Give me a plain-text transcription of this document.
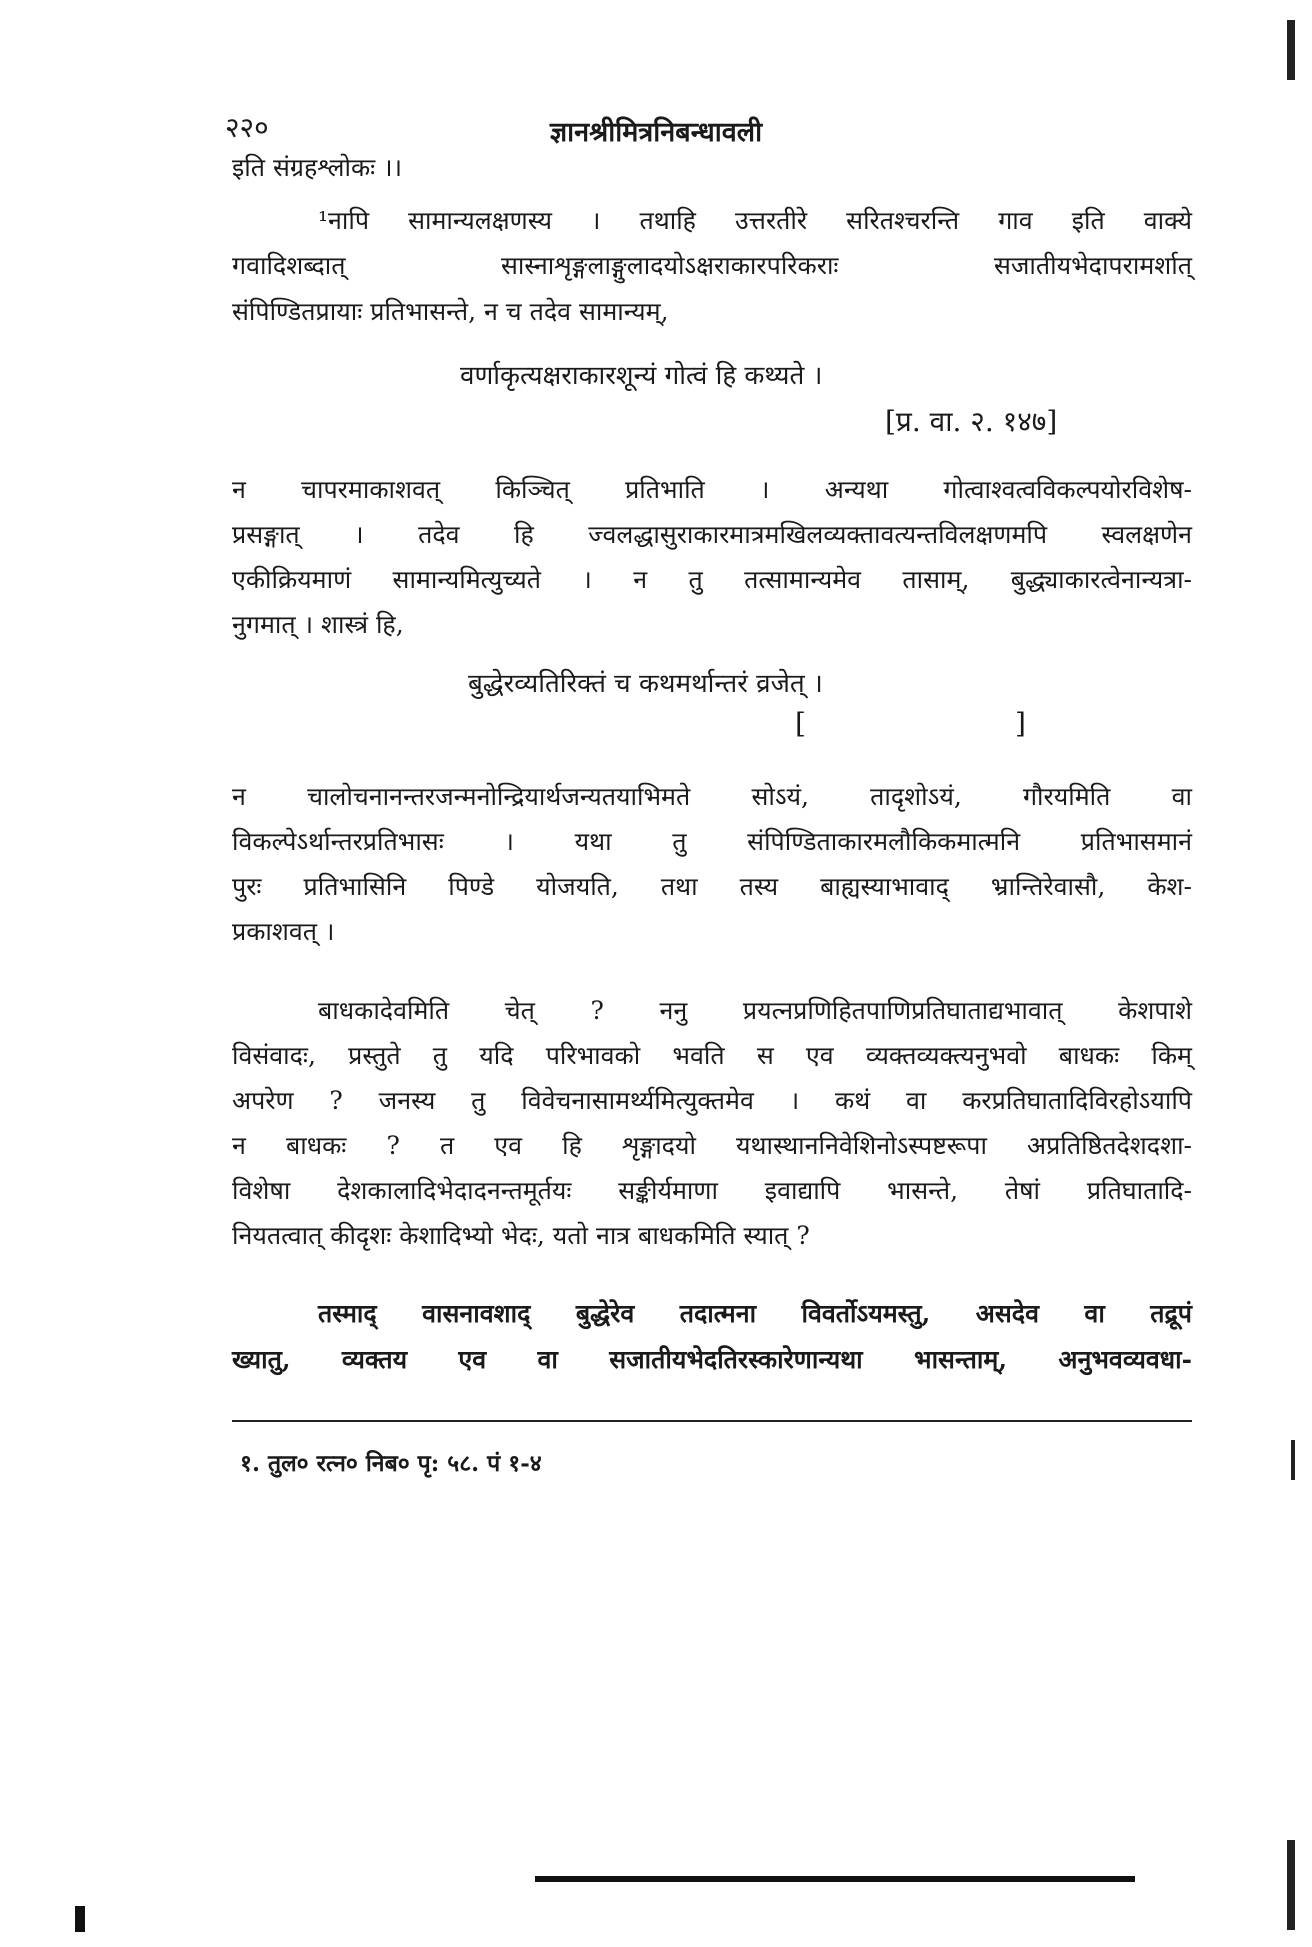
२२०	ज्ञानश्रीमित्रनिबन्धावली
इति संग्रहश्लोकः ।।
¹नापि सामान्यलक्षणस्य । तथाहि उत्तरतीरे सरितश्चरन्ति गाव इति वाक्ये
गवादिशब्दात् सास्नाशृङ्गलाङ्गुलादयोऽक्षराकारपरिकराः सजातीयभेदापरामर्शात्
संपिण्डितप्रायाः प्रतिभासन्ते, न च तदेव सामान्यम्,
वर्णाकृत्यक्षराकारशून्यं गोत्वं हि कथ्यते ।
[प्र. वा. २. १४७]
न चापरमाकाशवत् किञ्चित् प्रतिभाति । अन्यथा गोत्वाश्वत्वविकल्पयोरविशेष-
प्रसङ्गात् । तदेव हि ज्वलद्धासुराकारमात्रमखिलव्यक्तावत्यन्तविलक्षणमपि स्वलक्षणेन
एकीक्रियमाणं सामान्यमित्युच्यते । न तु तत्सामान्यमेव तासाम्, बुद्ध्याकारत्वेनान्यत्रा-
नुगमात् । शास्त्रं हि,
बुद्धेरव्यतिरिक्तं च कथमर्थान्तरं व्रजेत् ।
[	]
न चालोचनानन्तरजन्मनोन्द्रियार्थजन्यतयाभिमते सोऽयं, तादृशोऽयं, गौरयमिति वा
विकल्पेऽर्थान्तरप्रतिभासः । यथा तु संपिण्डिताकारमलौकिकमात्मनि प्रतिभासमानं
पुरः प्रतिभासिनि पिण्डे योजयति, तथा तस्य बाह्यस्याभावाद् भ्रान्तिरेवासौ, केश-
प्रकाशवत् ।
बाधकादेवमिति चेत् ? ननु प्रयत्नप्रणिहितपाणिप्रतिघाताद्यभावात् केशपाशे
विसंवादः, प्रस्तुते तु यदि परिभावको भवति स एव व्यक्तव्यक्त्यनुभवो बाधकः किम्
अपरेण ? जनस्य तु विवेचनासामर्थ्यमित्युक्तमेव । कथं वा करप्रतिघातादिविरहोऽयापि
न बाधकः ? त एव हि शृङ्गादयो यथास्थाननिवेशिनोऽस्पष्टरूपा अप्रतिष्ठितदेशदशा-
विशेषा देशकालादिभेदादनन्तमूर्तयः सङ्कीर्यमाणा इवाद्यापि भासन्ते, तेषां प्रतिघातादि-
नियतत्वात् कीदृशः केशादिभ्यो भेदः, यतो नात्र बाधकमिति स्यात् ?
तस्माद् वासनावशाद् बुद्धेरेव तदात्मना विवर्तोऽयमस्तु, असदेव वा तद्रूपं
ख्यातु, व्यक्तय एव वा सजातीयभेदतिरस्कारेणान्यथा भासन्ताम्, अनुभवव्यवधा-
१. तुल० रत्न० निब० पृ: ५८. पं १-४
